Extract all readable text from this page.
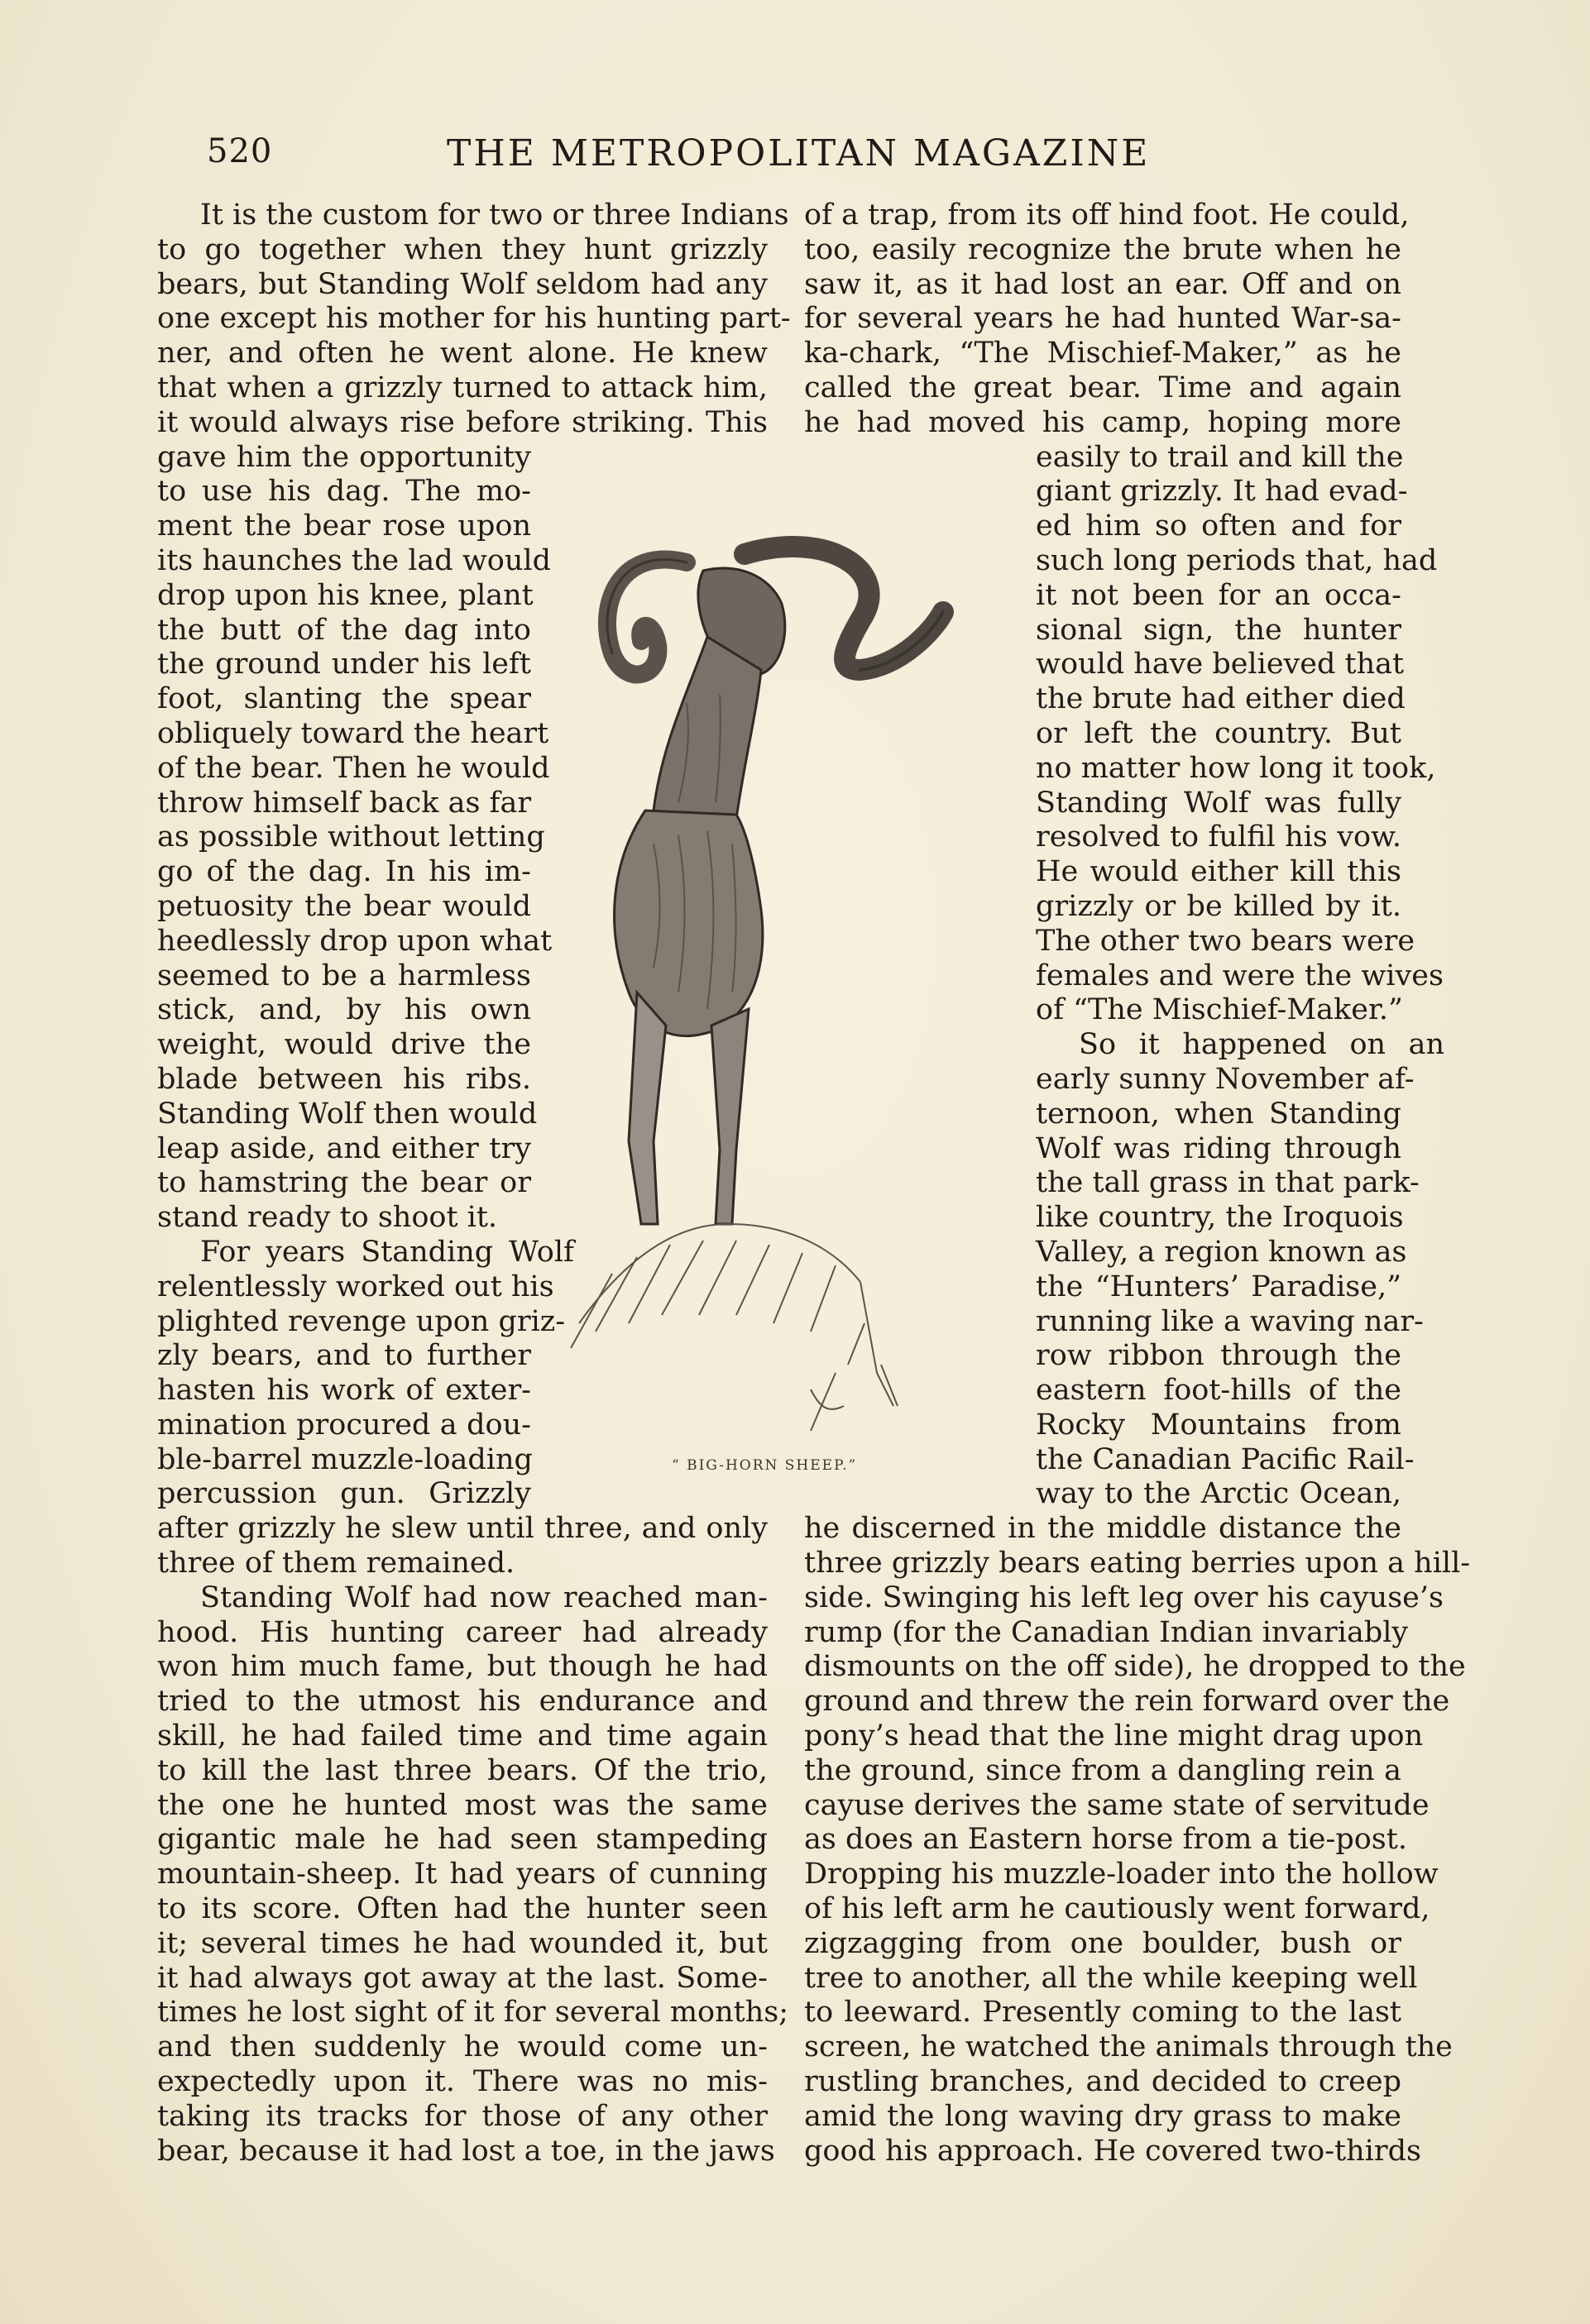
520	THE METROPOLITAN MAGAZINE
It is the custom for two or three Indians
to go together when they hunt grizzly
bears, but Standing Wolf seldom had any
one except his mother for his hunting part-
ner, and often he went alone. He knew
that when a grizzly turned to attack him,
it would always rise before striking. This
gave him the opportunity
to use his dag. The mo-
ment the bear rose upon
its haunches the lad would
drop upon his knee, plant
the butt of the dag into
the ground under his left
foot, slanting the spear
obliquely toward the heart
of the bear. Then he would
throw himself back as far
as possible without letting
go of the dag. In his im-
petuosity the bear would
heedlessly drop upon what
seemed to be a harmless
stick, and, by his own
weight, would drive the
blade between his ribs.
Standing Wolf then would
leap aside, and either try
to hamstring the bear or
stand ready to shoot it.
For years Standing Wolf
relentlessly worked out his
plighted revenge upon griz-
zly bears, and to further
hasten his work of exter-
mination procured a dou-
ble-barrel muzzle-loading
percussion gun. Grizzly
after grizzly he slew until three, and only
three of them remained.
Standing Wolf had now reached man-
hood. His hunting career had already
won him much fame, but though he had
tried to the utmost his endurance and
skill, he had failed time and time again
to kill the last three bears. Of the trio,
the one he hunted most was the same
gigantic male he had seen stampeding
mountain-sheep. It had years of cunning
to its score. Often had the hunter seen
it; several times he had wounded it, but
it had always got away at the last. Some-
times he lost sight of it for several months;
and then suddenly he would come un-
expectedly upon it. There was no mis-
taking its tracks for those of any other
bear, because it had lost a toe, in the jaws
of a trap, from its off hind foot. He could,
too, easily recognize the brute when he
saw it, as it had lost an ear. Off and on
for several years he had hunted War-sa-
ka-chark, “The Mischief-Maker,” as he
called the great bear. Time and again
he had moved his camp, hoping more
easily to trail and kill the
giant grizzly. It had evad-
ed him so often and for
such long periods that, had
it not been for an occa-
sional sign, the hunter
would have believed that
the brute had either died
or left the country. But
no matter how long it took,
Standing Wolf was fully
resolved to fulfil his vow.
He would either kill this
grizzly or be killed by it.
The other two bears were
females and were the wives
of “The Mischief-Maker.”
So it happened on an
early sunny November af-
ternoon, when Standing
Wolf was riding through
the tall grass in that park-
like country, the Iroquois
Valley, a region known as
the “Hunters’ Paradise,”
running like a waving nar-
row ribbon through the
eastern foot-hills of the
Rocky Mountains from
the Canadian Pacific Rail-
way to the Arctic Ocean,
he discerned in the middle distance the
three grizzly bears eating berries upon a hill-
side. Swinging his left leg over his cayuse’s
rump (for the Canadian Indian invariably
dismounts on the off side), he dropped to the
ground and threw the rein forward over the
pony’s head that the line might drag upon
the ground, since from a dangling rein a
cayuse derives the same state of servitude
as does an Eastern horse from a tie-post.
Dropping his muzzle-loader into the hollow
of his left arm he cautiously went forward,
zigzagging from one boulder, bush or
tree to another, all the while keeping well
to leeward. Presently coming to the last
screen, he watched the animals through the
rustling branches, and decided to creep
amid the long waving dry grass to make
good his approach. He covered two-thirds
“ BIG-HORN SHEEP.”
